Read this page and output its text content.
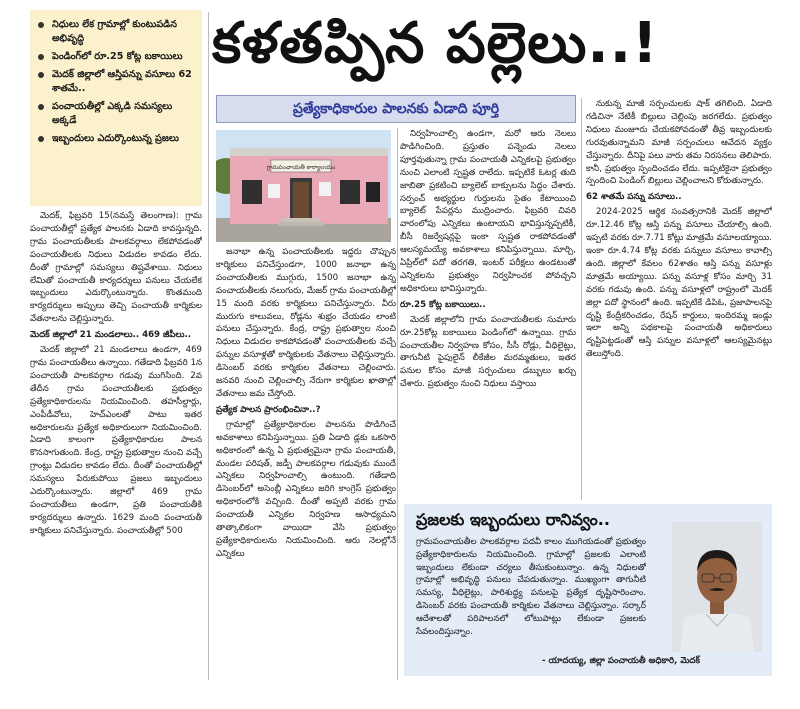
నిధులు లేక గ్రామాల్లో కుంటుపడిన అభివృద్ధి
పెండింగ్‌లో రూ.25 కోట్ల బకాయిలు
మెదక్ జిల్లాలో ఆస్తిపన్ను వసూలు 62 శాతమే..
పంచాయతీల్లో ఎక్కడి సమస్యలు అక్కడే
ఇబ్బందులు ఎదుర్కొంటున్న ప్రజలు
కళతప్పిన పల్లెలు..!
ప్రత్యేకాధికారుల పాలనకు ఏడాది పూర్తి
గ్రామపంచాయతీ కార్యాలయం

మెదక్, ఫిబ్రవరి 15(నమస్తే తెలంగాణ): గ్రామ పంచాయతీల్లో ప్రత్యేక పాలనకు ఏడాది కావస్తున్నది. గ్రామ పంచాయతీలకు పాలకవర్గాలు లేకపోవడంతో పంచాయతీలకు నిధులు విడుదల కావడం లేదు. దీంతో గ్రామాల్లో సమస్యలు తిష్టవేశాయి. నిధులు లేమితో పంచాయతీ కార్యదర్శులు పనులు చేయలేక ఇబ్బందులు ఎదుర్కొంటున్నారు. కొంతమంది కార్యదర్శులు అప్పులు తెచ్చి పంచాయతీ కార్మికుల వేతనాలను చెల్లిస్తున్నారు.

మెదక్ జిల్లాలో 21 మండలాలు.. 469 జీపీలు..

మెదక్ జిల్లాలో 21 మండలాలు ఉండగా, 469 గ్రామ పంచాయతీలు ఉన్నాయి. గతేడాది ఫిబ్రవరి 1న పంచాయతీ పాలకవర్గాల గడువు ముగిసింది. 2వ తేదీన గ్రామ పంచాయతీలకు ప్రభుత్వం ప్రత్యేకాధికారులను నియమించింది. తహసీల్దార్లు, ఎంపీడీవోలు, హెచ్‌ఎంలతో పాటు ఇతర అధికారులను ప్రత్యేక అధికారులుగా నియమించింది. ఏడాది కాలంగా ప్రత్యేకాధికారుల పాలన కొనసాగుతుంది. కేంద్ర, రాష్ట్ర ప్రభుత్వాల నుంచి వచ్చే గ్రాంట్లు విడుదల కావడం లేదు. దీంతో పంచాయతీల్లో సమస్యలు పేరుకుపోయి ప్రజలు ఇబ్బందులు ఎదుర్కొంటున్నారు. జిల్లాలో 469 గ్రామ పంచాయతీలు ఉండగా, ప్రతి పంచాయతీకి కార్యదర్శులు ఉన్నారు. 1629 మంది పంచాయతీ కార్మికులు పనిచేస్తున్నారు. పంచాయతీల్లో 500

జనాభా ఉన్న పంచాయతీలకు ఇద్దరు చొప్పున కార్మికులు పనిచేస్తుండగా, 1000 జనాభా ఉన్న పంచాయతీలకు ముగ్గురు, 1500 జనాభా ఉన్న పంచాయతీలకు నలుగురు, మేజర్ గ్రామ పంచాయతీల్లో 15 మంది వరకు కార్మికులు పనిచేస్తున్నారు. వీరు మురుగు కాలువలు, రోడ్లను శుభ్రం చేయడం లాంటి పనులు చేస్తున్నారు. కేంద్ర, రాష్ట్ర ప్రభుత్వాల నుంచి నిధులు విడుదల కాకపోవడంతో పంచాయతీలకు వచ్చే పన్నుల వసూళ్లతో కార్మికులకు వేతనాలు చెల్లిస్తున్నారు. డిసెంబర్ వరకు కార్మికుల వేతనాలు చెల్లించారు. జనవరి నుంచి చెల్లించాల్సి నేరుగా కార్మికుల ఖాతాల్లో వేతనాలు జమ చేస్తోంది.

ప్రత్యేక పాలన ప్రారంభించినా..?

గ్రామాల్లో ప్రత్యేకాధికారుల పాలనను పొడిగించే అవకాశాలు కనిపిస్తున్నాయి. ప్రతి ఏడాది డ్లకు ఒకసారి అధికారంలో ఉన్న ఏ ప్రభుత్వమైనా గ్రామ పంచాయతీ, మండల పరిషత్, జడ్పీ పాలకవర్గాల గడువుకు ముందే ఎన్నికలు నిర్వహించాల్సి ఉంటుంది. గతేడాది డిసెంబర్‌లో అసెంబ్లీ ఎన్నికలు జరిగి కాంగ్రెస్ ప్రభుత్వం అధికారంలోకి వచ్చింది. దీంతో అప్పటి వరకు గ్రామ పంచాయతీ ఎన్నికల నిర్వహణ ఆసాధ్యమని తాత్కాలికంగా వాయిదా వేసి ప్రభుత్వం ప్రత్యేకాధికారులను నియమించింది. ఆరు నెలల్లోనే ఎన్నికలు

నిర్వహించాల్సి ఉండగా, మరో ఆరు నెలలు పొడిగించింది. ప్రస్తుతం పన్నెండు నెలలు పూర్తవుతున్నా గ్రామ పంచాయతీ ఎన్నికలపై ప్రభుత్వం నుంచి ఎలాంటి స్పష్టత రాలేదు. ఇప్పటికే ఓటర్ల తుది జాబితా ప్రకటించి బ్యాలెట్ బాక్సులను సిద్ధం చేశారు. సర్పంచ్ అభ్యర్థుల గుర్తులను సైతం కేటాయించి బ్యాలెట్ పేపర్లను ముద్రించారు. ఫిబ్రవరి చివరి వారంలోపు ఎన్నికలు ఉంటాయని భావిస్తున్నప్పటికీ, బీసీ రిజర్వేషన్లపై ఇంకా స్పష్టత రాకపోవడంతో ఆలస్యమయ్యే అవకాశాలు కనిపిస్తున్నాయి. మార్చి, ఏప్రిల్‌లో పదో తరగతి, ఇంటర్ పరీక్షలు ఉండటంతో ఎన్నికలను ప్రభుత్వం నిర్వహించక పోవచ్చని అధికారులు భావిస్తున్నారు.

రూ.25 కోట్ల బకాయిలు..

మెదక్ జిల్లాలోని గ్రామ పంచాయతీలకు సుమారు రూ.25కోట్ల బకాయిలు పెండింగ్‌లో ఉన్నాయి. గ్రామ పంచాయతీల నిర్వహణ కోసం, సీసీ రోడ్లు, వీధిలైట్లు, తాగునీటి పైపులైన్ లీకేజీల మరమ్మతులు, ఇతర పనుల కోసం మాజీ సర్పంచులు డబ్బులు ఖర్చు చేశారు. ప్రభుత్వం నుంచి నిధులు వస్తాయి

నుకున్న మాజీ సర్పంచులకు షాక్ తగిలింది. ఏడాది గడిచినా నేటికీ బిల్లులు చెల్లింపు జరగలేదు. ప్రభుత్వం నిధులు మంజూరు చేయకపోవడంతో తీవ్ర ఇబ్బందులకు గురవుతున్నామని మాజీ సర్పంచులు ఆవేదన వ్యక్తం చేస్తున్నారు. దీనిపై పలు వారు తమ నిరసనలు తెలిపారు. కానీ, ప్రభుత్వం స్పందించడం లేదు. ఇప్పటికైనా ప్రభుత్వం స్పందించి పెండింగ్ బిల్లులు చెల్లించాలని కోరుతున్నారు.

62 శాతమే పన్ను వసూలు..

2024-2025 ఆర్థిక సంవత్సరానికి మెదక్ జిల్లాలో రూ.12.46 కోట్ల ఆస్తి పన్ను వసూలు చేయాల్సి ఉంది. ఇప్పటి వరకు రూ.7.71 కోట్లు మాత్రమే వసూలయ్యాయి. ఇంకా రూ.4.74 కోట్ల వరకు పన్నులు వసూలు కావాల్సి ఉంది. జిల్లాలో కేవలం 62శాతం ఆస్తి పన్ను వసూళ్లు మాత్రమే అయ్యాయి. పన్ను వసూళ్ల కోసం మార్చి 31 వరకు గడువు ఉంది. పన్ను వసూళ్లలో రాష్ట్రంలో మెదక్ జిల్లా పదో స్థానంలో ఉంది. ఇప్పటికే డిపిఓ, ప్రజాపాలనపై దృష్టి కేంద్రీకరించడం, రేషన్ కార్డులు, ఇందిరమ్మ ఇండ్లు ఇలా అన్ని పథకాలపై పంచాయతీ అధికారులు దృష్టిపెట్టడంతో ఆస్తి పన్నుల వసూళ్లలో ఆలస్యమైనట్లు తెలుస్తోంది.

ప్రజలకు ఇబ్బందులు రానివ్వం..
గ్రామపంచాయతీల పాలకవర్గాల పదవీ కాలం ముగియడంతో ప్రభుత్వం ప్రత్యేకాధికారులను నియమించింది. గ్రామాల్లో ప్రజలకు ఎలాంటి ఇబ్బందులు లేకుండా చర్యలు తీసుకుంటున్నాం. ఉన్న నిధులతో గ్రామాల్లో అభివృద్ధి పనులు చేపడుతున్నాం. ముఖ్యంగా తాగునీటి సమస్య, వీధిలైట్లు, పారిశుద్ధ్య పనులపై ప్రత్యేక దృష్టిసారించాం. డిసెంబర్ వరకు పంచాయతీ కార్మికుల వేతనాలు చెల్లిస్తున్నాం. సర్కార్ ఆదేశాలతో పరిపాలనలో లోటుపాట్లు లేకుండా ప్రజలకు సేవలందిస్తున్నాం.
- యాదయ్య, జిల్లా పంచాయతీ అధికారి, మెదక్
